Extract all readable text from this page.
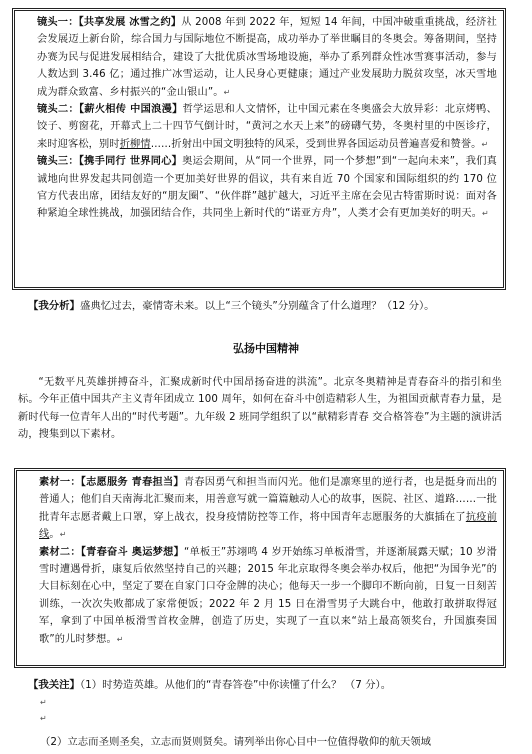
镜头一：【共享发展 冰雪之约】从 2008 年到 2022 年，短短 14 年间，中国冲破重重挑战，经济社会发展迈上新台阶，综合国力与国际地位不断提高，成功举办了举世瞩目的冬奥会。筹备期间，坚持办赛为民与促进发展相结合，建设了大批优质冰雪场地设施，举办了系列群众性冰雪赛事活动，参与人数达到 3.46 亿；通过推广冰雪运动，让人民身心更健康；通过产业发展助力脱贫攻坚，冰天雪地成为群众致富、乡村振兴的“金山银山”。↵

镜头二：【薪火相传 中国浪漫】哲学运思和人文情怀，让中国元素在冬奥盛会大放异彩：北京烤鸭、饺子、剪窗花，开幕式上二十四节气倒计时，“黄河之水天上来”的磅礴气势，冬奥村里的中医诊疗，来时迎客松，别时折柳情……折射出中国文明独特的风采，受到世界各国运动员普遍喜爱和赞誉。↵

镜头三：【携手同行 世界同心】奥运会期间，从“同一个世界，同一个梦想”到“一起向未来”，我们真诚地向世界发起共同创造一个更加美好世界的倡议，共有来自近 70 个国家和国际组织的约 170 位官方代表出席，团结友好的“朋友圈”、“伙伴群”越扩越大，习近平主席在会见古特雷斯时说：面对各种紧迫全球性挑战，加强团结合作，共同坐上新时代的“诺亚方舟”，人类才会有更加美好的明天。↵

【我分析】盛典忆过去，豪情寄未来。以上“三个镜头”分别蕴含了什么道理？（12 分）。
弘扬中国精神

“无数平凡英雄拼搏奋斗，汇聚成新时代中国昂扬奋进的洪流”。北京冬奥精神是青春奋斗的指引和坐标。今年正值中国共产主义青年团成立 100 周年，如何在奋斗中创造精彩人生，为祖国贡献青春力量，是新时代每一位青年人出的“时代考题”。九年级 2 班同学组织了以“献精彩青春 交合格答卷”为主题的演讲活动，搜集到以下素材。

素材一：【志愿服务 青春担当】青春因勇气和担当而闪光。他们是凛寒里的逆行者，也是挺身而出的普通人；他们自天南海北汇聚而来，用善意写就一篇篇触动人心的故事，医院、社区、道路……一批批青年志愿者戴上口罩，穿上战衣，投身疫情防控等工作，将中国青年志愿服务的大旗插在了抗疫前线。↵

素材二：【青春奋斗 奥运梦想】“单板王”苏翊鸣 4 岁开始练习单板滑雪，并逐渐展露天赋；10 岁滑雪时遭遇骨折，康复后依然坚持自己的兴趣；2015 年北京取得冬奥会举办权后，他把“为国争光”的大目标刻在心中，坚定了要在自家门口夺金牌的决心；他每天一步一个脚印不断向前，日复一日刻苦训练，一次次失败都成了家常便饭；2022 年 2 月 15 日在滑雪男子大跳台中，他敢打敢拼取得冠军，拿到了中国单板滑雪首枚金牌，创造了历史，实现了一直以来“站上最高领奖台，升国旗奏国歌”的儿时梦想。↵

【我关注】（1）时势造英雄。从他们的“青春答卷”中你读懂了什么？ （7 分）。
↵
↵
（2）立志而圣则圣矣，立志而贤则贤矣。请列举出你心目中一位值得敬仰的航天领域
